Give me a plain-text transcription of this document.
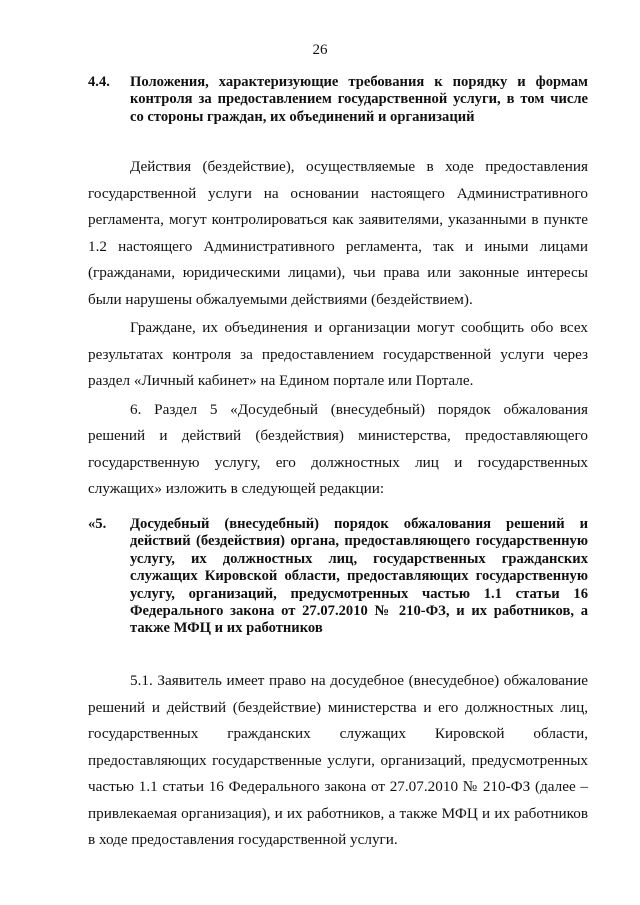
26
4.4.	Положения, характеризующие требования к порядку и формам контроля за предоставлением государственной услуги, в том числе со стороны граждан, их объединений и организаций

Действия (бездействие), осуществляемые в ходе предоставления государственной услуги на основании настоящего Административного регламента, могут контролироваться как заявителями, указанными в пункте 1.2 настоящего Административного регламента, так и иными лицами (гражданами, юридическими лицами), чьи права или законные интересы были нарушены обжалуемыми действиями (бездействием).

Граждане, их объединения и организации могут сообщить обо всех результатах контроля за предоставлением государственной услуги через раздел «Личный кабинет» на Едином портале или Портале.

6. Раздел 5 «Досудебный (внесудебный) порядок обжалования решений и действий (бездействия) министерства, предоставляющего государственную услугу, его должностных лиц и государственных служащих» изложить в следующей редакции:

«5.	Досудебный (внесудебный) порядок обжалования решений и действий (бездействия) органа, предоставляющего государственную услугу, их должностных лиц, государственных гражданских служащих Кировской области, предоставляющих государственную услугу, организаций, предусмотренных частью 1.1 статьи 16 Федерального закона от 27.07.2010 № 210-ФЗ, и их работников, а также МФЦ и их работников

5.1. Заявитель имеет право на досудебное (внесудебное) обжалование решений и действий (бездействие) министерства и его должностных лиц, государственных гражданских служащих Кировской области, предоставляющих государственные услуги, организаций, предусмотренных частью 1.1 статьи 16 Федерального закона от 27.07.2010 № 210-ФЗ (далее – привлекаемая организация), и их работников, а также МФЦ и их работников в ходе предоставления государственной услуги.
